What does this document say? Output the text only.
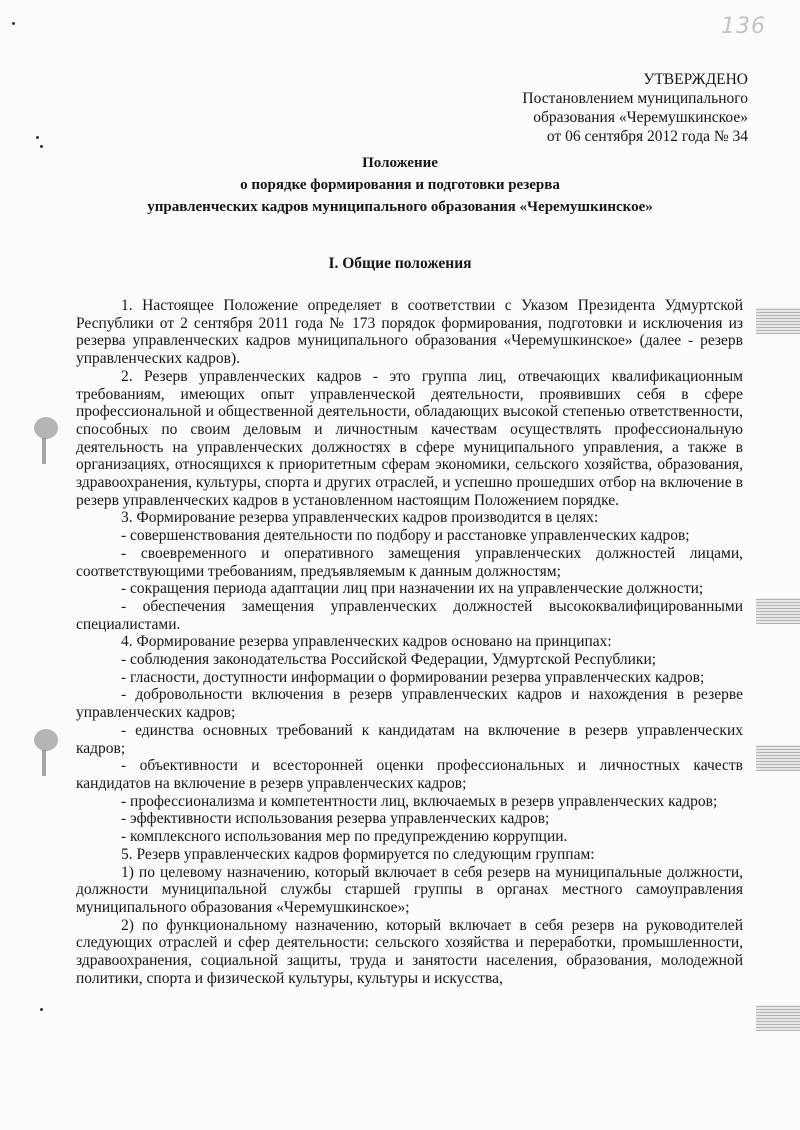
136
УТВЕРЖДЕНО
Постановлением муниципального
образования «Черемушкинское»
от 06 сентября 2012 года № 34
Положение
о порядке формирования и подготовки резерва
управленческих кадров муниципального образования «Черемушкинское»
I. Общие положения

1. Настоящее Положение определяет в соответствии с Указом Президента Удмуртской Республики от 2 сентября 2011 года № 173 порядок формирования, подготовки и исключения из резерва управленческих кадров муниципального образования «Черемушкинское» (далее - резерв управленческих кадров).

2. Резерв управленческих кадров - это группа лиц, отвечающих квалификационным требованиям, имеющих опыт управленческой деятельности, проявивших себя в сфере профессиональной и общественной деятельности, обладающих высокой степенью ответственности, способных по своим деловым и личностным качествам осуществлять профессиональную деятельность на управленческих должностях в сфере муниципального управления, а также в организациях, относящихся к приоритетным сферам экономики, сельского хозяйства, образования, здравоохранения, культуры, спорта и других отраслей, и успешно прошедших отбор на включение в резерв управленческих кадров в установленном настоящим Положением порядке.

3. Формирование резерва управленческих кадров производится в целях:

- совершенствования деятельности по подбору и расстановке управленческих кадров;

- своевременного и оперативного замещения управленческих должностей лицами, соответствующими требованиям, предъявляемым к данным должностям;

- сокращения периода адаптации лиц при назначении их на управленческие должности;

- обеспечения замещения управленческих должностей высококвалифицированными специалистами.

4. Формирование резерва управленческих кадров основано на принципах:

- соблюдения законодательства Российской Федерации, Удмуртской Республики;

- гласности, доступности информации о формировании резерва управленческих кадров;

- добровольности включения в резерв управленческих кадров и нахождения в резерве управленческих кадров;

- единства основных требований к кандидатам на включение в резерв управленческих кадров;

- объективности и всесторонней оценки профессиональных и личностных качеств кандидатов на включение в резерв управленческих кадров;

- профессионализма и компетентности лиц, включаемых в резерв управленческих кадров;

- эффективности использования резерва управленческих кадров;

- комплексного использования мер по предупреждению коррупции.

5. Резерв управленческих кадров формируется по следующим группам:

1) по целевому назначению, который включает в себя резерв на муниципальные должности, должности муниципальной службы старшей группы в органах местного самоуправления муниципального образования «Черемушкинское»;

2) по функциональному назначению, который включает в себя резерв на руководителей следующих отраслей и сфер деятельности: сельского хозяйства и переработки, промышленности, здравоохранения, социальной защиты, труда и занятости населения, образования, молодежной политики, спорта и физической культуры, культуры и искусства,
